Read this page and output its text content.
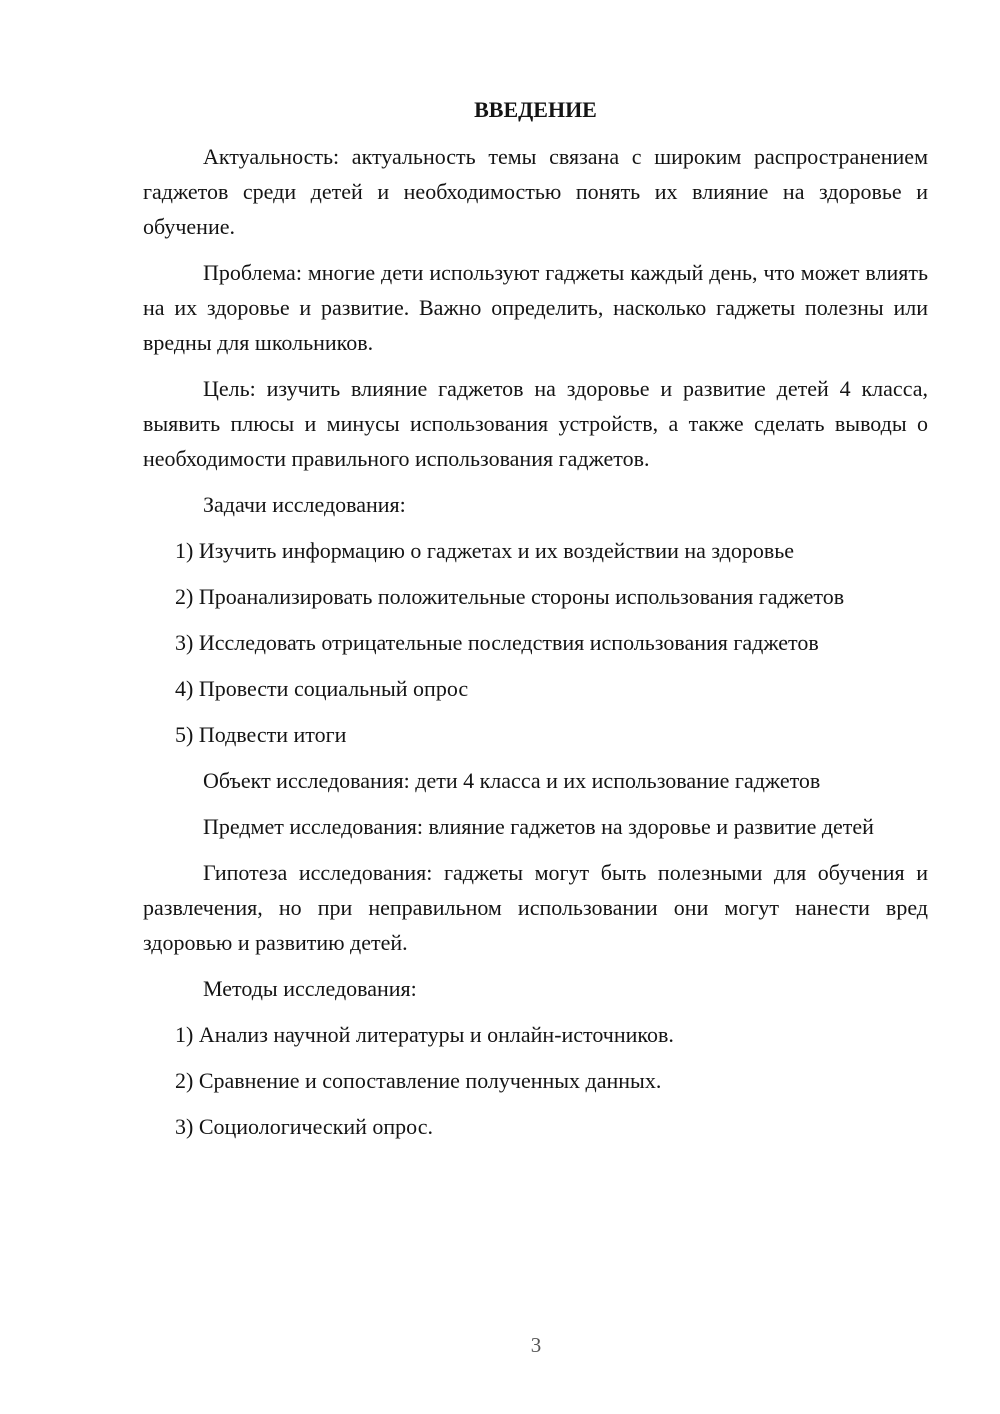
ВВЕДЕНИЕ

Актуальность: актуальность темы связана с широким распространением гаджетов среди детей и необходимостью понять их влияние на здоровье и обучение.

Проблема: многие дети используют гаджеты каждый день, что может влиять на их здоровье и развитие. Важно определить, насколько гаджеты полезны или вредны для школьников.

Цель: изучить влияние гаджетов на здоровье и развитие детей 4 класса, выявить плюсы и минусы использования устройств, а также сделать выводы о необходимости правильного использования гаджетов.

Задачи исследования:

1) Изучить информацию о гаджетах и их воздействии на здоровье

2) Проанализировать положительные стороны использования гаджетов

3) Исследовать отрицательные последствия использования гаджетов

4) Провести социальный опрос

5) Подвести итоги

Объект исследования: дети 4 класса и их использование гаджетов

Предмет исследования: влияние гаджетов на здоровье и развитие детей

Гипотеза исследования: гаджеты могут быть полезными для обучения и развлечения, но при неправильном использовании они могут нанести вред здоровью и развитию детей.

Методы исследования:

1) Анализ научной литературы и онлайн-источников.

2) Сравнение и сопоставление полученных данных.

3) Социологический опрос.

3
